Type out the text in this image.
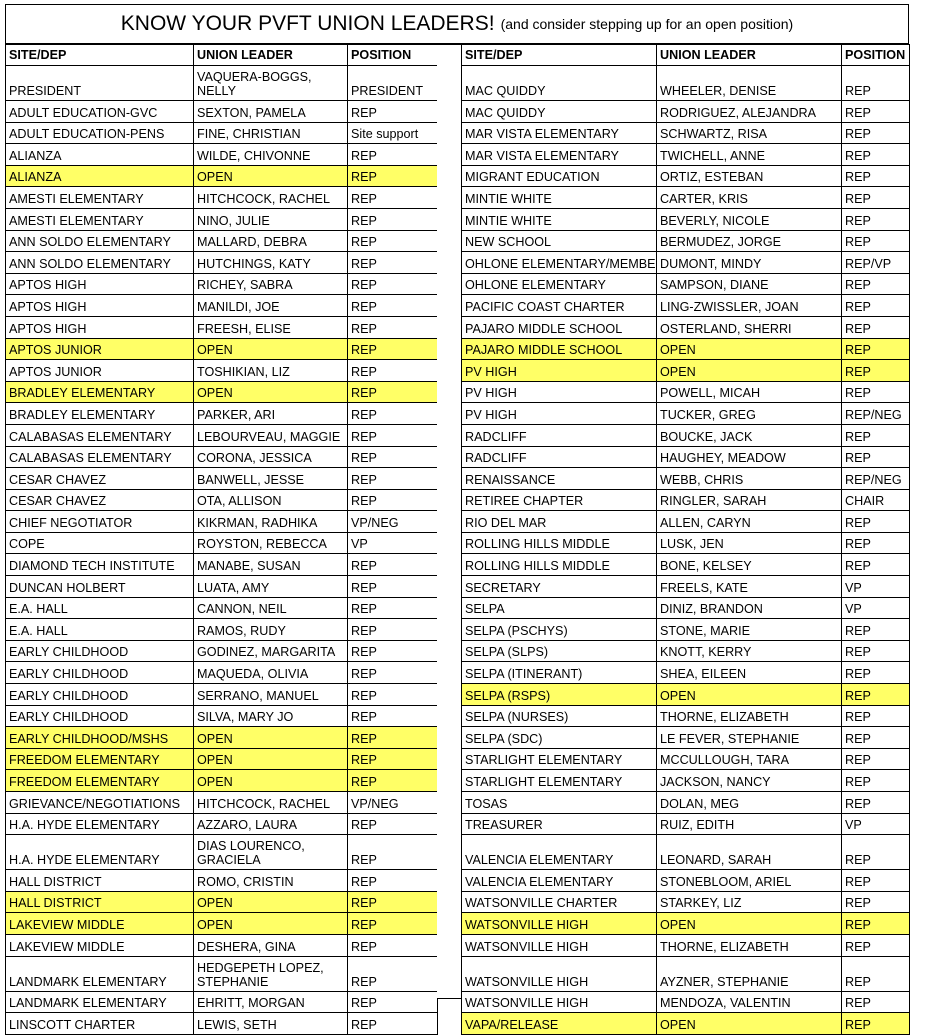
KNOW YOUR PVFT UNION LEADERS! (and consider stepping up for an open position)
SITE/DEP	UNION LEADER	POSITION
PRESIDENT	VAQUERA-BOGGS, NELLY	PRESIDENT
ADULT EDUCATION-GVC	SEXTON, PAMELA	REP
ADULT EDUCATION-PENS	FINE, CHRISTIAN	Site support
ALIANZA	WILDE, CHIVONNE	REP
ALIANZA	OPEN	REP
AMESTI ELEMENTARY	HITCHCOCK, RACHEL	REP
AMESTI ELEMENTARY	NINO, JULIE	REP
ANN SOLDO ELEMENTARY	MALLARD, DEBRA	REP
ANN SOLDO ELEMENTARY	HUTCHINGS, KATY	REP
APTOS HIGH	RICHEY, SABRA	REP
APTOS HIGH	MANILDI, JOE	REP
APTOS HIGH	FREESH, ELISE	REP
APTOS JUNIOR	OPEN	REP
APTOS JUNIOR	TOSHIKIAN, LIZ	REP
BRADLEY ELEMENTARY	OPEN	REP
BRADLEY ELEMENTARY	PARKER, ARI	REP
CALABASAS ELEMENTARY	LEBOURVEAU, MAGGIE	REP
CALABASAS ELEMENTARY	CORONA, JESSICA	REP
CESAR CHAVEZ	BANWELL, JESSE	REP
CESAR CHAVEZ	OTA, ALLISON	REP
CHIEF NEGOTIATOR	KIKRMAN, RADHIKA	VP/NEG
COPE	ROYSTON, REBECCA	VP
DIAMOND TECH INSTITUTE	MANABE, SUSAN	REP
DUNCAN HOLBERT	LUATA, AMY	REP
E.A. HALL	CANNON, NEIL	REP
E.A. HALL	RAMOS, RUDY	REP
EARLY CHILDHOOD	GODINEZ, MARGARITA	REP
EARLY CHILDHOOD	MAQUEDA, OLIVIA	REP
EARLY CHILDHOOD	SERRANO, MANUEL	REP
EARLY CHILDHOOD	SILVA, MARY JO	REP
EARLY CHILDHOOD/MSHS	OPEN	REP
FREEDOM ELEMENTARY	OPEN	REP
FREEDOM ELEMENTARY	OPEN	REP
GRIEVANCE/NEGOTIATIONS	HITCHCOCK, RACHEL	VP/NEG
H.A. HYDE ELEMENTARY	AZZARO, LAURA	REP
H.A. HYDE ELEMENTARY	DIAS LOURENCO, GRACIELA	REP
HALL DISTRICT	ROMO, CRISTIN	REP
HALL DISTRICT	OPEN	REP
LAKEVIEW MIDDLE	OPEN	REP
LAKEVIEW MIDDLE	DESHERA, GINA	REP
LANDMARK ELEMENTARY	HEDGEPETH LOPEZ, STEPHANIE	REP
LANDMARK ELEMENTARY	EHRITT, MORGAN	REP
LINSCOTT CHARTER	LEWIS, SETH	REP
SITE/DEP	UNION LEADER	POSITION
MAC QUIDDY	WHEELER, DENISE	REP
MAC QUIDDY	RODRIGUEZ, ALEJANDRA	REP
MAR VISTA ELEMENTARY	SCHWARTZ, RISA	REP
MAR VISTA ELEMENTARY	TWICHELL, ANNE	REP
MIGRANT EDUCATION	ORTIZ, ESTEBAN	REP
MINTIE WHITE	CARTER, KRIS	REP
MINTIE WHITE	BEVERLY, NICOLE	REP
NEW SCHOOL	BERMUDEZ, JORGE	REP
OHLONE ELEMENTARY/MEMBE	DUMONT, MINDY	REP/VP
OHLONE ELEMENTARY	SAMPSON, DIANE	REP
PACIFIC COAST CHARTER	LING-ZWISSLER, JOAN	REP
PAJARO MIDDLE SCHOOL	OSTERLAND, SHERRI	REP
PAJARO MIDDLE SCHOOL	OPEN	REP
PV HIGH	OPEN	REP
PV HIGH	POWELL, MICAH	REP
PV HIGH	TUCKER, GREG	REP/NEG
RADCLIFF	BOUCKE, JACK	REP
RADCLIFF	HAUGHEY, MEADOW	REP
RENAISSANCE	WEBB, CHRIS	REP/NEG
RETIREE CHAPTER	RINGLER, SARAH	CHAIR
RIO DEL MAR	ALLEN, CARYN	REP
ROLLING HILLS MIDDLE	LUSK, JEN	REP
ROLLING HILLS MIDDLE	BONE, KELSEY	REP
SECRETARY	FREELS, KATE	VP
SELPA	DINIZ, BRANDON	VP
SELPA (PSCHYS)	STONE, MARIE	REP
SELPA (SLPS)	KNOTT, KERRY	REP
SELPA (ITINERANT)	SHEA, EILEEN	REP
SELPA (RSPS)	OPEN	REP
SELPA (NURSES)	THORNE, ELIZABETH	REP
SELPA (SDC)	LE FEVER, STEPHANIE	REP
STARLIGHT ELEMENTARY	MCCULLOUGH, TARA	REP
STARLIGHT ELEMENTARY	JACKSON, NANCY	REP
TOSAS	DOLAN, MEG	REP
TREASURER	RUIZ, EDITH	VP
VALENCIA ELEMENTARY	LEONARD, SARAH	REP
VALENCIA ELEMENTARY	STONEBLOOM, ARIEL	REP
WATSONVILLE CHARTER	STARKEY, LIZ	REP
WATSONVILLE HIGH	OPEN	REP
WATSONVILLE HIGH	THORNE, ELIZABETH	REP
WATSONVILLE HIGH	AYZNER, STEPHANIE	REP
WATSONVILLE HIGH	MENDOZA, VALENTIN	REP
VAPA/RELEASE	OPEN	REP
